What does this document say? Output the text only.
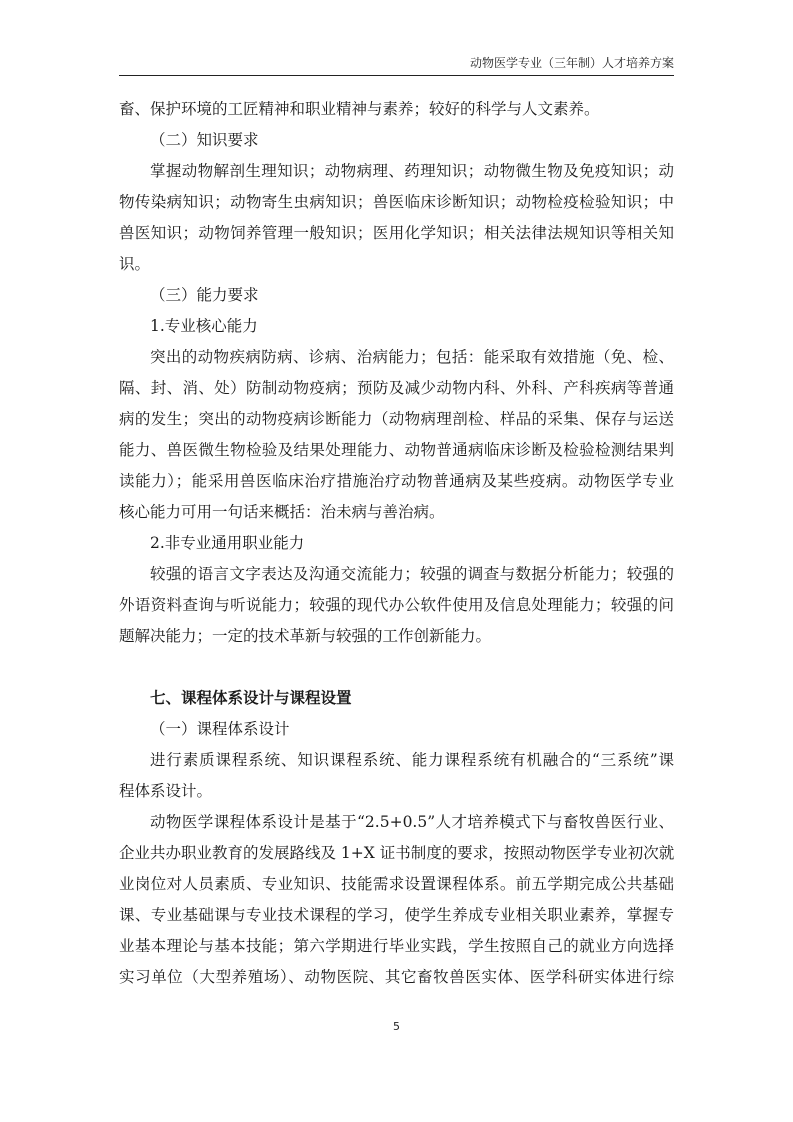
动物医学专业（三年制）人才培养方案
畜、保护环境的工匠精神和职业精神与素养；较好的科学与人文素养。
（二）知识要求
掌握动物解剖生理知识；动物病理、药理知识；动物微生物及免疫知识；动
物传染病知识；动物寄生虫病知识；兽医临床诊断知识；动物检疫检验知识；中
兽医知识；动物饲养管理一般知识；医用化学知识；相关法律法规知识等相关知
识。
（三）能力要求
1.专业核心能力
突出的动物疾病防病、诊病、治病能力；包括：能采取有效措施（免、检、
隔、封、消、处）防制动物疫病；预防及减少动物内科、外科、产科疾病等普通
病的发生；突出的动物疫病诊断能力（动物病理剖检、样品的采集、保存与运送
能力、兽医微生物检验及结果处理能力、动物普通病临床诊断及检验检测结果判
读能力）；能采用兽医临床治疗措施治疗动物普通病及某些疫病。动物医学专业
核心能力可用一句话来概括：治未病与善治病。
2.非专业通用职业能力
较强的语言文字表达及沟通交流能力；较强的调查与数据分析能力；较强的
外语资料查询与听说能力；较强的现代办公软件使用及信息处理能力；较强的问
题解决能力；一定的技术革新与较强的工作创新能力。
七、课程体系设计与课程设置
（一）课程体系设计
进行素质课程系统、知识课程系统、能力课程系统有机融合的“三系统”课
程体系设计。
动物医学课程体系设计是基于“2.5+0.5”人才培养模式下与畜牧兽医行业、
企业共办职业教育的发展路线及 1+X 证书制度的要求，按照动物医学专业初次就
业岗位对人员素质、专业知识、技能需求设置课程体系。前五学期完成公共基础
课、专业基础课与专业技术课程的学习，使学生养成专业相关职业素养，掌握专
业基本理论与基本技能；第六学期进行毕业实践，学生按照自己的就业方向选择
实习单位（大型养殖场）、动物医院、其它畜牧兽医实体、医学科研实体进行综
5
